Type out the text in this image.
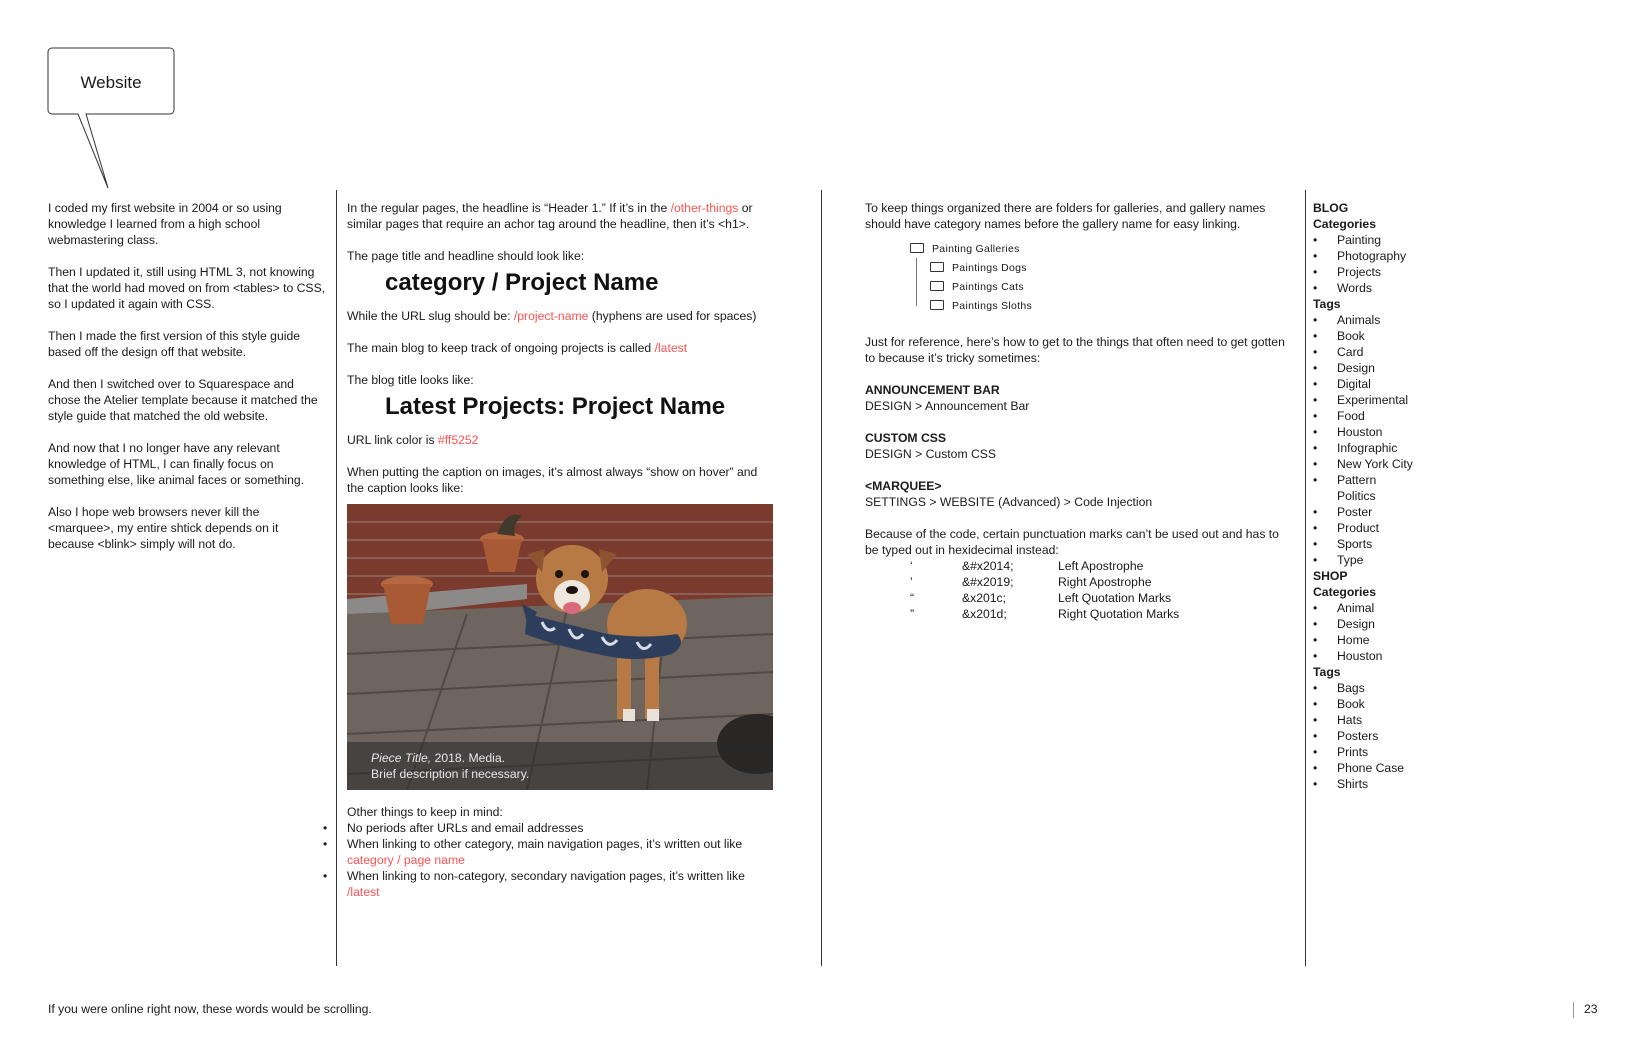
Website

I coded my first website in 2004 or so using knowledge I learned from a high school webmastering class.

Then I updated it, still using HTML 3, not knowing that the world had moved on from <tables> to CSS, so I updated it again with CSS.

Then I made the first version of this style guide based off the design off that website.

And then I switched over to Squarespace and chose the Atelier template because it matched the style guide that matched the old website.

And now that I no longer have any relevant knowledge of HTML, I can finally focus on something else, like animal faces or something.

Also I hope web browsers never kill the <marquee>, my entire shtick depends on it because <blink> simply will not do.

In the regular pages, the headline is “Header 1.” If it’s in the /other-things or similar pages that require an achor tag around the headline, then it’s <h1>.

The page title and headline should look like:

category / Project Name

While the URL slug should be: /project-name (hyphens are used for spaces)

The main blog to keep track of ongoing projects is called /latest

The blog title looks like:

Latest Projects: Project Name

URL link color is #ff5252

When putting the caption on images, it’s almost always “show on hover” and the caption looks like:

Piece Title, 2018. Media.
Brief description if necessary.
Other things to keep in mind:
• No periods after URLs and email addresses
• When linking to other category, main navigation pages, it’s written out like category / page name
• When linking to non-category, secondary navigation pages, it’s written like /latest

To keep things organized there are folders for galleries, and gallery names should have category names before the gallery name for easy linking.

Painting Galleries
Paintings Dogs
Paintings Cats
Paintings Sloths

Just for reference, here’s how to get to the things that often need to get gotten to because it’s tricky sometimes:

ANNOUNCEMENT BAR
DESIGN > Announcement Bar

CUSTOM CSS
DESIGN > Custom CSS

<MARQUEE>
SETTINGS > WEBSITE (Advanced) > Code Injection

Because of the code, certain punctuation marks can’t be used out and has to be typed out in hexidecimal instead:
‘	&#x2014;	Left Apostrophe
’	&#x2019;	Right Apostrophe
“	&x201c;	Left Quotation Marks
”	&x201d;	Right Quotation Marks
BLOG
Categories
• Painting
• Photography
• Projects
• Words
Tags
• Animals
• Book
• Card
• Design
• Digital
• Experimental
• Food
• Houston
• Infographic
• New York City
• Pattern
Politics
• Poster
• Product
• Sports
• Type
SHOP
Categories
• Animal
• Design
• Home
• Houston
Tags
• Bags
• Book
• Hats
• Posters
• Prints
• Phone Case
• Shirts
If you were online right now, these words would be scrolling.	23
